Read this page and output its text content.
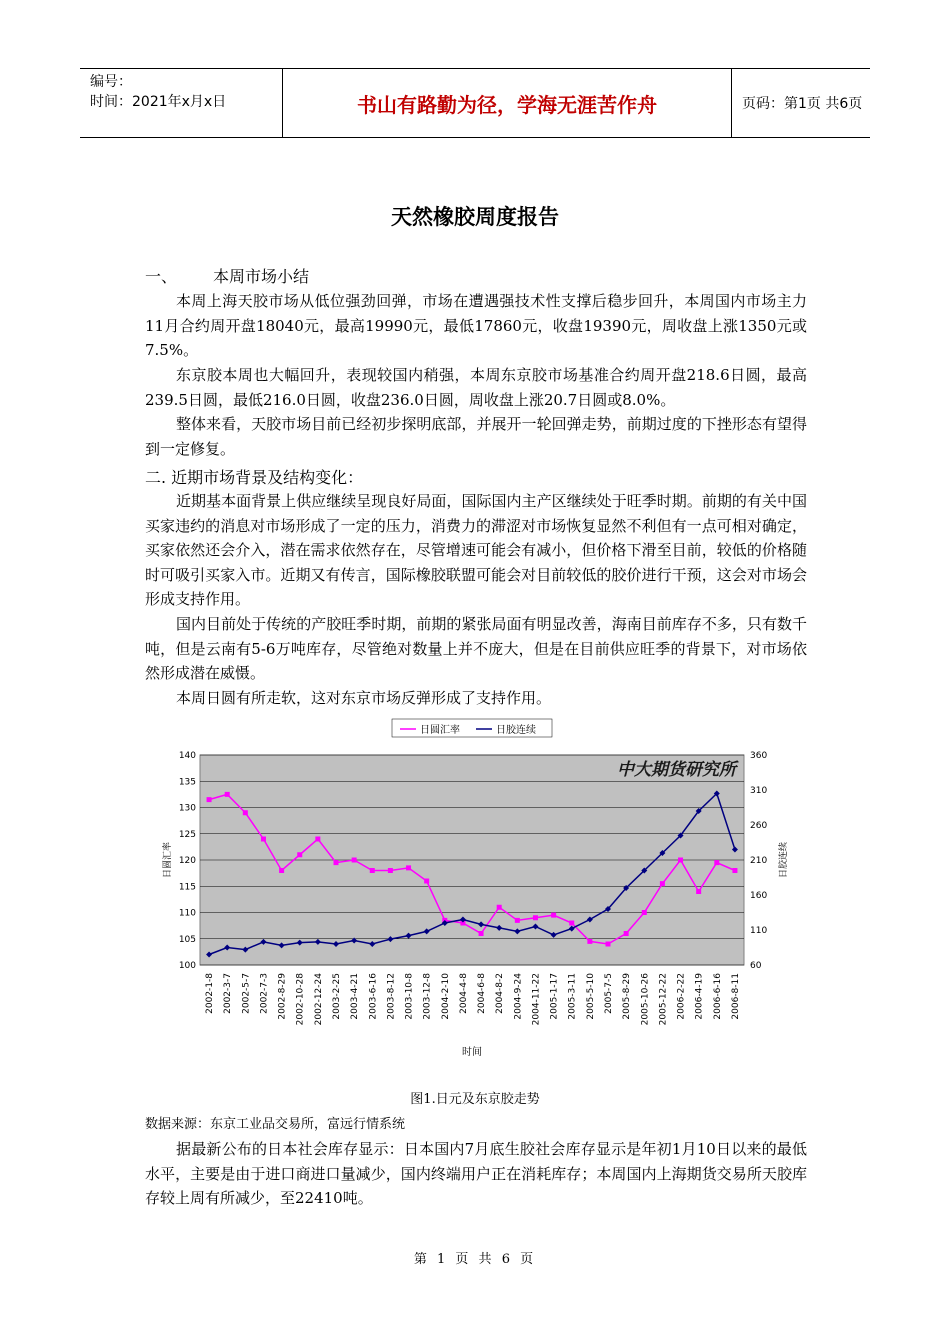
编号：
时间：2021年x月x日	书山有路勤为径，学海无涯苦作舟	页码：第1页 共6页
天然橡胶周度报告
一、 本周市场小结

本周上海天胶市场从低位强劲回弹，市场在遭遇强技术性支撑后稳步回升，本周国内市场主力11月合约周开盘18040元，最高19990元，最低17860元，收盘19390元，周收盘上涨1350元或7.5%。

东京胶本周也大幅回升，表现较国内稍强，本周东京胶市场基准合约周开盘218.6日圆，最高239.5日圆，最低216.0日圆，收盘236.0日圆，周收盘上涨20.7日圆或8.0%。

整体来看，天胶市场目前已经初步探明底部，并展开一轮回弹走势，前期过度的下挫形态有望得到一定修复。

二. 近期市场背景及结构变化：

近期基本面背景上供应继续呈现良好局面，国际国内主产区继续处于旺季时期。前期的有关中国买家违约的消息对市场形成了一定的压力，消费力的滞涩对市场恢复显然不利但有一点可相对确定，买家依然还会介入，潜在需求依然存在，尽管增速可能会有减小，但价格下滑至目前，较低的价格随时可吸引买家入市。近期又有传言，国际橡胶联盟可能会对目前较低的胶价进行干预，这会对市场会形成支持作用。

国内目前处于传统的产胶旺季时期，前期的紧张局面有明显改善，海南目前库存不多，只有数千吨，但是云南有5-6万吨库存，尽管绝对数量上并不庞大，但是在目前供应旺季的背景下，对市场依然形成潜在威慑。

本周日圆有所走软，这对东京市场反弹形成了支持作用。

日圆汇率	日胶连续
140
135
130
125
120
115
110
105
100
360
310
260
210
160
110
60
日圆汇率	日胶连续
2002-1-8 2002-3-7 2002-5-7 2002-7-3 2002-8-29 2002-10-28 2002-12-24 2003-2-25 2003-4-21 2003-6-16 2003-8-12 2003-10-8 2003-12-8 2004-2-10 2004-4-8 2004-6-8 2004-8-2 2004-9-24 2004-11-22 2005-1-17 2005-3-11 2005-5-10 2005-7-5 2005-8-29 2005-10-26 2005-12-22 2006-2-22 2006-4-19 2006-6-16 2006-8-11
时间
中大期货研究所
图1.日元及东京胶走势
数据来源：东京工业品交易所，富远行情系统

据最新公布的日本社会库存显示：日本国内7月底生胶社会库存显示是年初1月10日以来的最低水平，主要是由于进口商进口量减少，国内终端用户正在消耗库存；本周国内上海期货交易所天胶库存较上周有所减少，至22410吨。

第 1 页 共 6 页
